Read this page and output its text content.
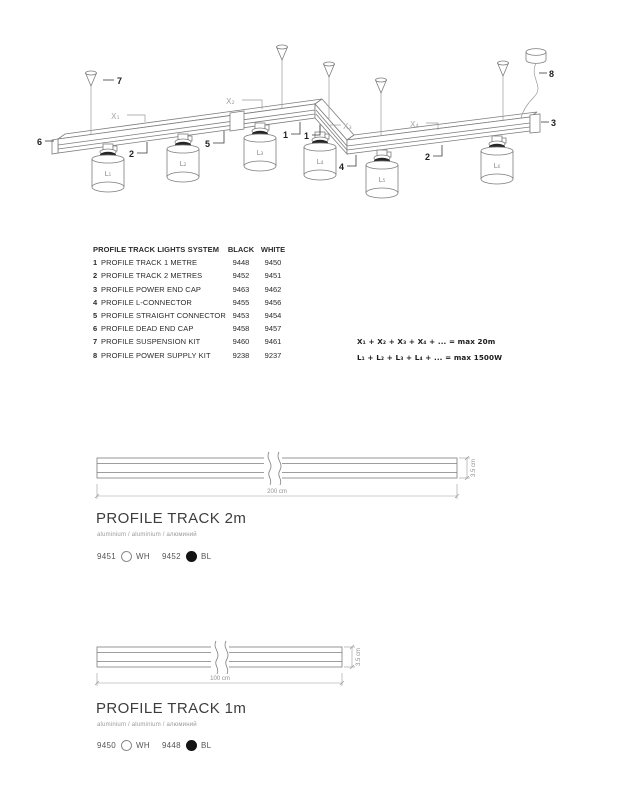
L₁
L₂
L₃
L₄
L₅
L₆
X₁
X₂
X₃	X₄
6
7
2
5
1 1
4
2
3
8
PROFILE TRACK LIGHTS SYSTEM	BLACK WHITE
1 PROFILE TRACK 1 METRE	9448	9450
2 PROFILE TRACK 2 METRES	9452	9451
3 PROFILE POWER END CAP	9463	9462
4 PROFILE L-CONNECTOR	9455	9456
5 PROFILE STRAIGHT CONNECTOR 9453	9454
6 PROFILE DEAD END CAP	9458	9457
7 PROFILE SUSPENSION KIT	9460	9461
8 PROFILE POWER SUPPLY KIT	9238	9237
X₁ + X₂ + X₃ + X₄ + ... = max 20m
L₁ + L₂ + L₃ + L₄ + ... = max 1500W
200 cm
3.5 cm
PROFILE TRACK 2m
aluminium / aluminium / алюминий
9451	WH 9452	BL
100 cm
3.5 cm
PROFILE TRACK 1m
aluminium / aluminium / алюминий
9450	WH 9448	BL
